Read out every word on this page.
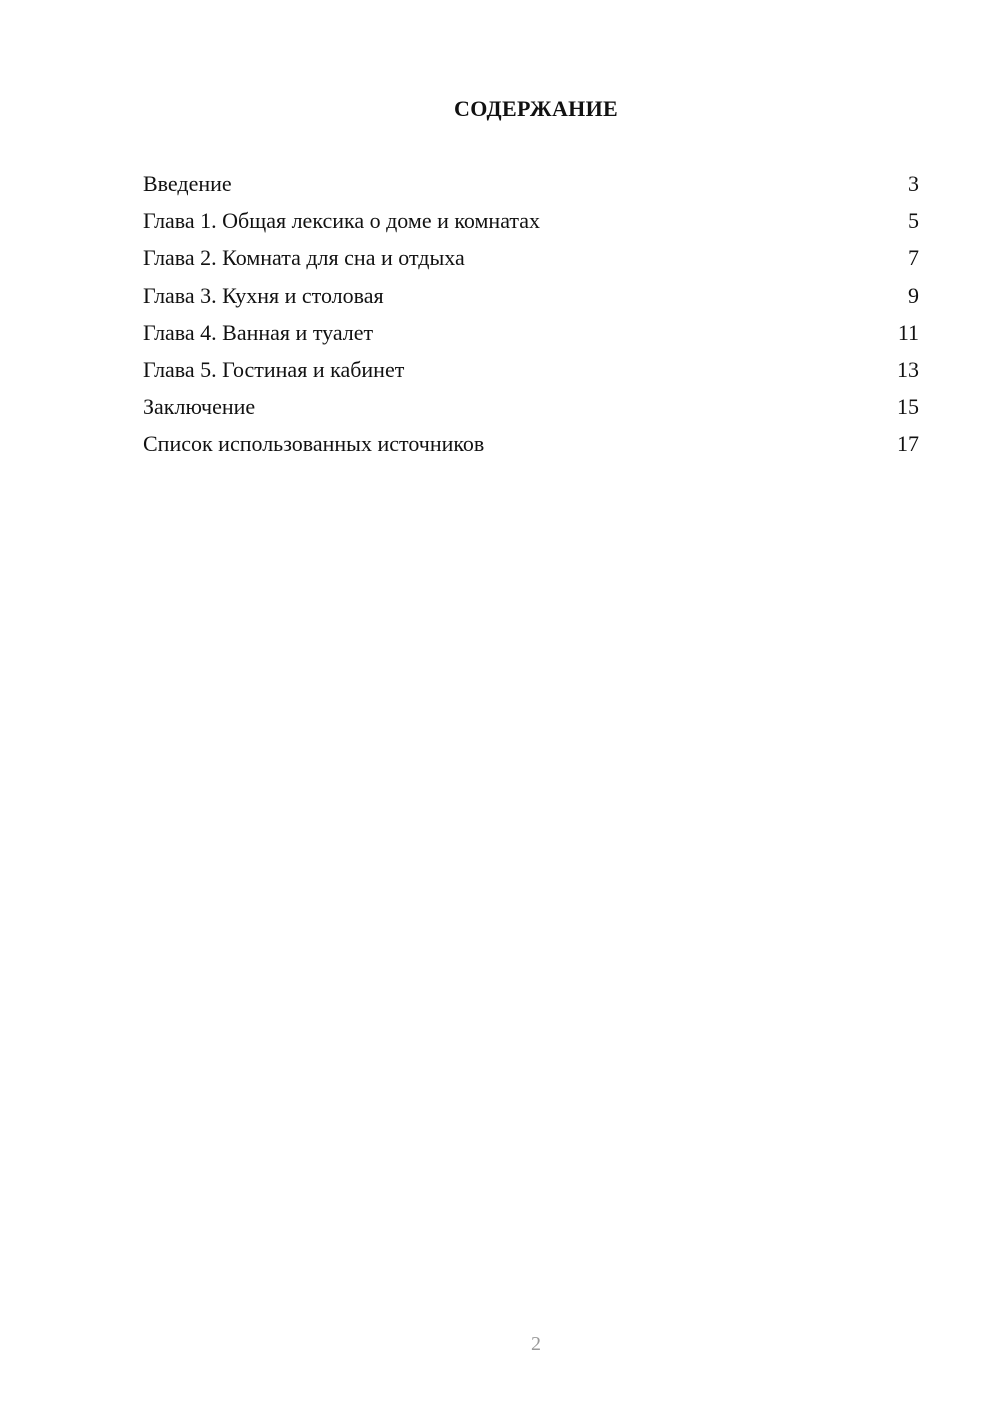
СОДЕРЖАНИЕ
Введение	3
Глава 1. Общая лексика о доме и комнатах	5
Глава 2. Комната для сна и отдыха	7
Глава 3. Кухня и столовая	9
Глава 4. Ванная и туалет	11
Глава 5. Гостиная и кабинет	13
Заключение	15
Список использованных источников	17
2
